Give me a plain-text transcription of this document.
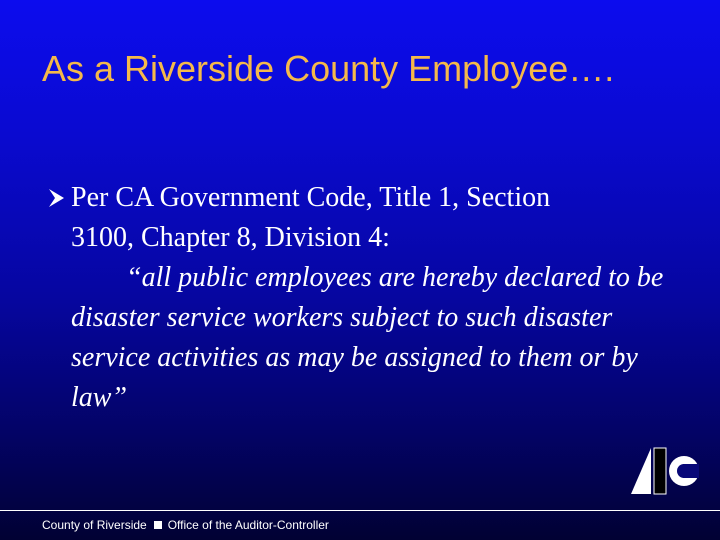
As a Riverside County Employee….
Per CA Government Code, Title 1, Section
3100, Chapter 8, Division 4:
“all public employees are hereby declared to be disaster service workers subject to such disaster service activities as may be assigned to them or by law”
County of Riverside Office of the Auditor-Controller
